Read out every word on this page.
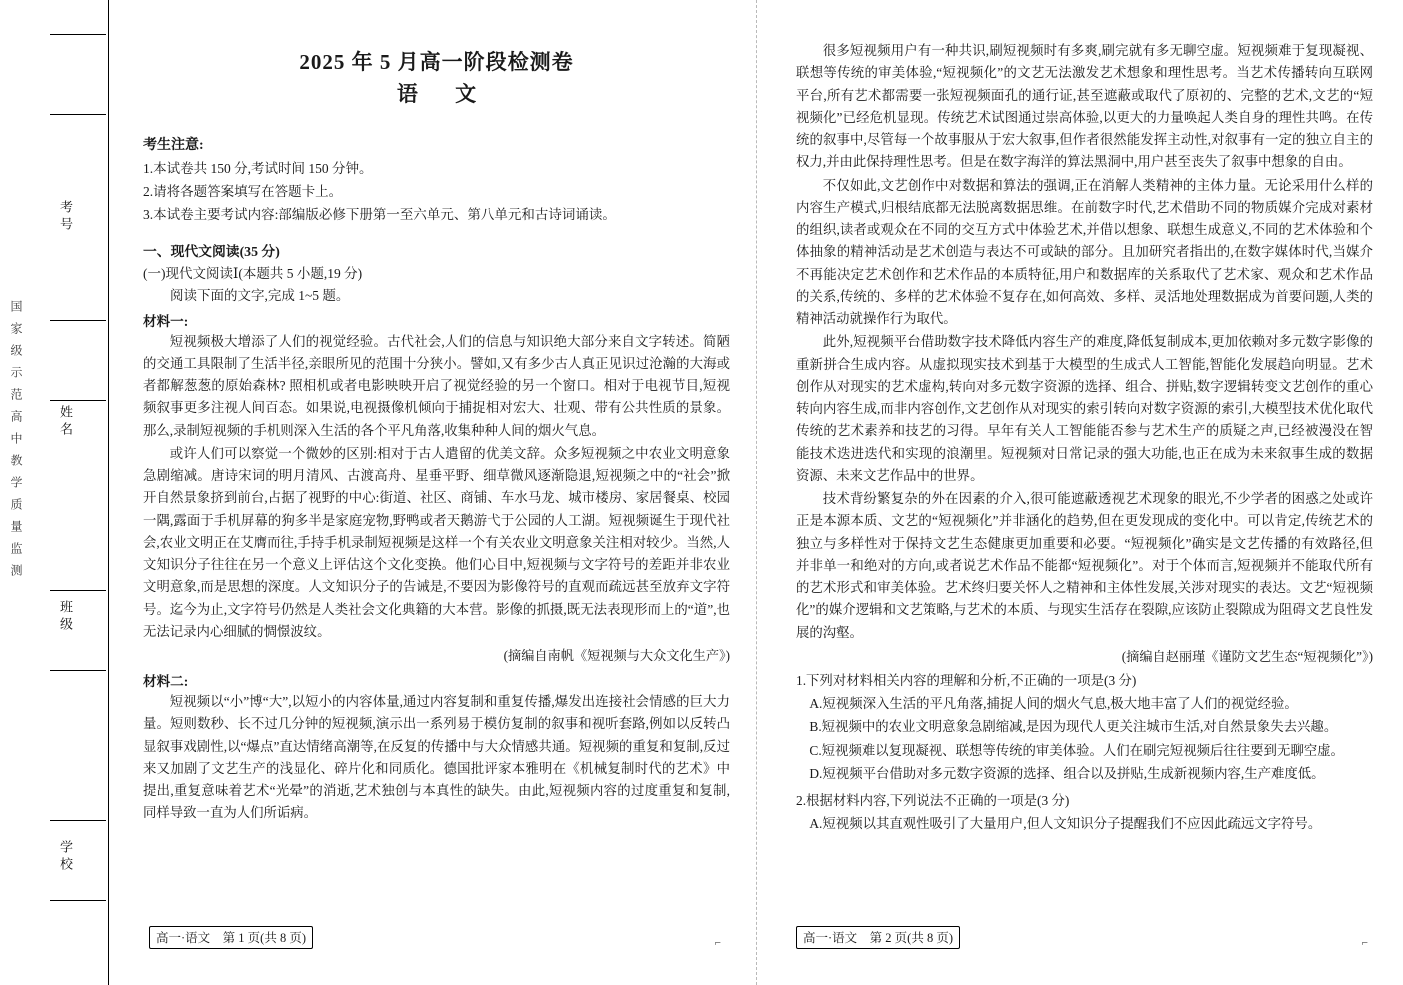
考号
姓名
班级
学校
国家级示范高中教学质量监测
2025 年 5 月高一阶段检测卷
语 文
考生注意:
1.本试卷共 150 分,考试时间 150 分钟。
2.请将各题答案填写在答题卡上。
3.本试卷主要考试内容:部编版必修下册第一至六单元、第八单元和古诗词诵读。
一、现代文阅读(35 分)
(一)现代文阅读Ⅰ(本题共 5 小题,19 分)
阅读下面的文字,完成 1~5 题。
材料一:

短视频极大增添了人们的视觉经验。古代社会,人们的信息与知识绝大部分来自文字转述。简陋的交通工具限制了生活半径,亲眼所见的范围十分狭小。譬如,又有多少古人真正见识过沧瀚的大海或者都解葱葱的原始森林? 照相机或者电影映映开启了视觉经验的另一个窗口。相对于电视节目,短视频叙事更多注视人间百态。如果说,电视摄像机倾向于捕捉相对宏大、壮观、带有公共性质的景象。那么,录制短视频的手机则深入生活的各个平凡角落,收集种种人间的烟火气息。

或许人们可以察觉一个微妙的区别:相对于古人遣留的优美文辞。众多短视频之中农业文明意象急剧缩减。唐诗宋词的明月清风、古渡高舟、星垂平野、细草微风逐渐隐退,短视频之中的“社会”掀开自然景象挤到前台,占据了视野的中心:街道、社区、商铺、车水马龙、城市楼房、家居餐桌、校园一隅,露面于手机屏幕的狗多半是家庭宠物,野鸭或者天鹅游弋于公园的人工湖。短视频诞生于现代社会,农业文明正在艾膺而往,手持手机录制短视频是这样一个有关农业文明意象关注相对较少。当然,人文知识分子往往在另一个意义上评估这个文化变换。他们心目中,短视频与文字符号的差距并非农业文明意象,而是思想的深度。人文知识分子的告诫是,不要因为影像符号的直观而疏远甚至放弃文字符号。迄今为止,文字符号仍然是人类社会文化典籍的大本营。影像的抓摄,既无法表现形而上的“道”,也无法记录内心细腻的惆憬波纹。

(摘编自南帆《短视频与大众文化生产》)
材料二:

短视频以“小”博“大”,以短小的内容体量,通过内容复制和重复传播,爆发出连接社会情感的巨大力量。短则数秒、长不过几分钟的短视频,演示出一系列易于模仿复制的叙事和视听套路,例如以反转凸显叙事戏剧性,以“爆点”直达情绪高潮等,在反复的传播中与大众情感共通。短视频的重复和复制,反过来又加剧了文艺生产的浅显化、碎片化和同质化。德国批评家本雅明在《机械复制时代的艺术》中提出,重复意味着艺术“光晕”的消逝,艺术独创与本真性的缺失。由此,短视频内容的过度重复和复制,同样导致一直为人们所诟病。

高一·语文 第 1 页(共 8 页)	⌐

很多短视频用户有一种共识,刷短视频时有多爽,刷完就有多无聊空虚。短视频难于复现凝视、联想等传统的审美体验,“短视频化”的文艺无法激发艺术想象和理性思考。当艺术传播转向互联网平台,所有艺术都需要一张短视频面孔的通行证,甚至遮蔽或取代了原初的、完整的艺术,文艺的“短视频化”已经危机显现。传统艺术试图通过崇高体验,以更大的力量唤起人类自身的理性共鸣。在传统的叙事中,尽管每一个故事服从于宏大叙事,但作者很然能发挥主动性,对叙事有一定的独立自主的权力,并由此保持理性思考。但是在数字海洋的算法黑洞中,用户甚至丧失了叙事中想象的自由。

不仅如此,文艺创作中对数据和算法的强调,正在消解人类精神的主体力量。无论采用什么样的内容生产模式,归根结底都无法脱离数据思维。在前数字时代,艺术借助不同的物质媒介完成对素材的组织,读者或观众在不同的交互方式中体验艺术,并借以想象、联想生成意义,不同的艺术体验和个体抽象的精神活动是艺术创造与表达不可或缺的部分。且加研究者指出的,在数字媒体时代,当媒介不再能决定艺术创作和艺术作品的本质特征,用户和数据库的关系取代了艺术家、观众和艺术作品的关系,传统的、多样的艺术体验不复存在,如何高效、多样、灵活地处理数据成为首要问题,人类的精神活动就操作行为取代。

此外,短视频平台借助数字技术降低内容生产的难度,降低复制成本,更加依赖对多元数字影像的重新拼合生成内容。从虚拟现实技术到基于大模型的生成式人工智能,智能化发展趋向明显。艺术创作从对现实的艺术虚构,转向对多元数字资源的选择、组合、拼贴,数字逻辑转变文艺创作的重心转向内容生成,而非内容创作,文艺创作从对现实的索引转向对数字资源的索引,大模型技术优化取代传统的艺术素养和技艺的习得。早年有关人工智能能否参与艺术生产的质疑之声,已经被漫没在智能技术迭进迭代和实现的浪潮里。短视频对日常记录的强大功能,也正在成为未来叙事生成的数据资源、未来文艺作品中的世界。

技术背纷繁复杂的外在因素的介入,很可能遮蔽透视艺术现象的眼光,不少学者的困惑之处或许正是本源本质、文艺的“短视频化”并非涵化的趋势,但在更发现成的变化中。可以肯定,传统艺术的独立与多样性对于保持文艺生态健康更加重要和必要。“短视频化”确实是文艺传播的有效路径,但并非单一和绝对的方向,或者说艺术作品不能都“短视频化”。对于个体而言,短视频并不能取代所有的艺术形式和审美体验。艺术终归要关怀人之精神和主体性发展,关涉对现实的表达。文艺“短视频化”的媒介逻辑和文艺策略,与艺术的本质、与现实生活存在裂隙,应该防止裂隙成为阻碍文艺良性发展的沟壑。

(摘编自赵丽瑾《谨防文艺生态“短视频化”》)
1.下列对材料相关内容的理解和分析,不正确的一项是(3 分)
A.短视频深入生活的平凡角落,捕捉人间的烟火气息,极大地丰富了人们的视觉经验。
B.短视频中的农业文明意象急剧缩减,是因为现代人更关注城市生活,对自然景象失去兴趣。
C.短视频难以复现凝视、联想等传统的审美体验。人们在刷完短视频后往往要到无聊空虚。
D.短视频平台借助对多元数字资源的选择、组合以及拼贴,生成新视频内容,生产难度低。
2.根据材料内容,下列说法不正确的一项是(3 分)
A.短视频以其直观性吸引了大量用户,但人文知识分子提醒我们不应因此疏远文字符号。
高一·语文 第 2 页(共 8 页)	⌐
